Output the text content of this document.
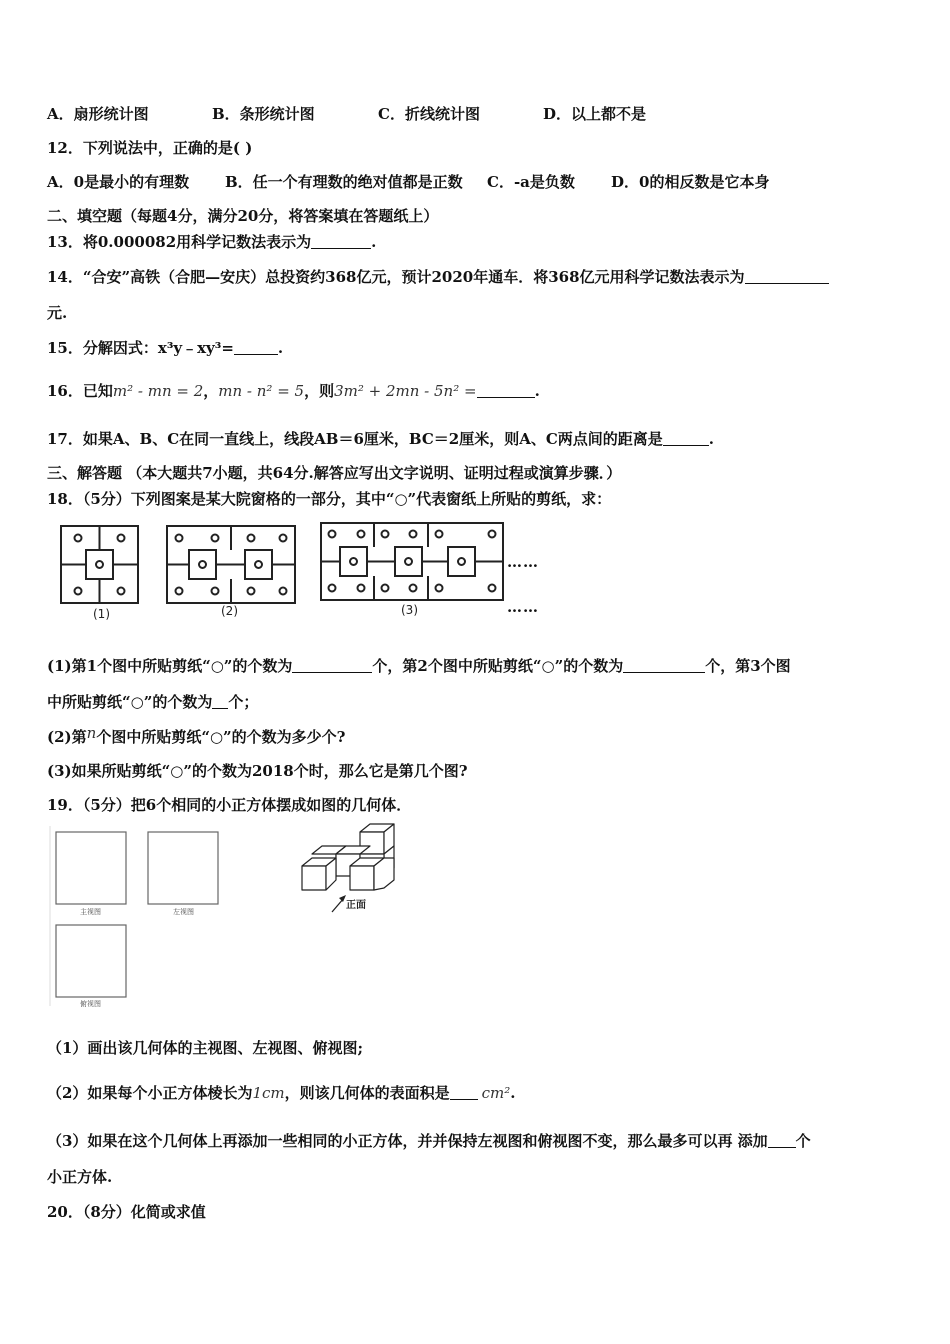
A．扇形统计图	B．条形统计图	C．折线统计图	D．以上都不是
12．下列说法中，正确的是( )
A．0是最小的有理数 B．任一个有理数的绝对值都是正数 C．-a是负数 D．0的相反数是它本身
二、填空题（每题4分，满分20分，将答案填在答题纸上）
13．将0.000082用科学记数法表示为	.
14．“合安”高铁（合肥—安庆）总投资约368亿元，预计2020年通车．将368亿元用科学记数法表示为
元.
15．分解因式：x³y﹣xy³=	.
16．已知m² - mn = 2，mn - n² = 5，则3m² + 2mn - 5n² =	.
17．如果A、B、C在同一直线上，线段AB＝6厘米，BC＝2厘米，则A、C两点间的距离是	.
三、解答题 （本大题共7小题，共64分.解答应写出文字说明、证明过程或演算步骤．）
18．（5分）下列图案是某大院窗格的一部分，其中“○”代表窗纸上所贴的剪纸，求：
(1)	(2)	(3)
……
……
(1)第1个图中所贴剪纸“○”的个数为	个，第2个图中所贴剪纸“○”的个数为	个，第3个图
中所贴剪纸“○”的个数为 个；
(2)第n个图中所贴剪纸“○”的个数为多少个?
(3)如果所贴剪纸“○”的个数为2018个时，那么它是第几个图?
19．（5分）把6个相同的小正方体摆成如图的几何体．
主视图	左视图
俯视图
正面
（1）画出该几何体的主视图、左视图、俯视图;
（2）如果每个小正方体棱长为1cm，则该几何体的表面积是 cm².
（3）如果在这个几何体上再添加一些相同的小正方体，并并保持左视图和俯视图不变，那么最多可以再 添加 个
小正方体.
20．（8分）化简或求值
